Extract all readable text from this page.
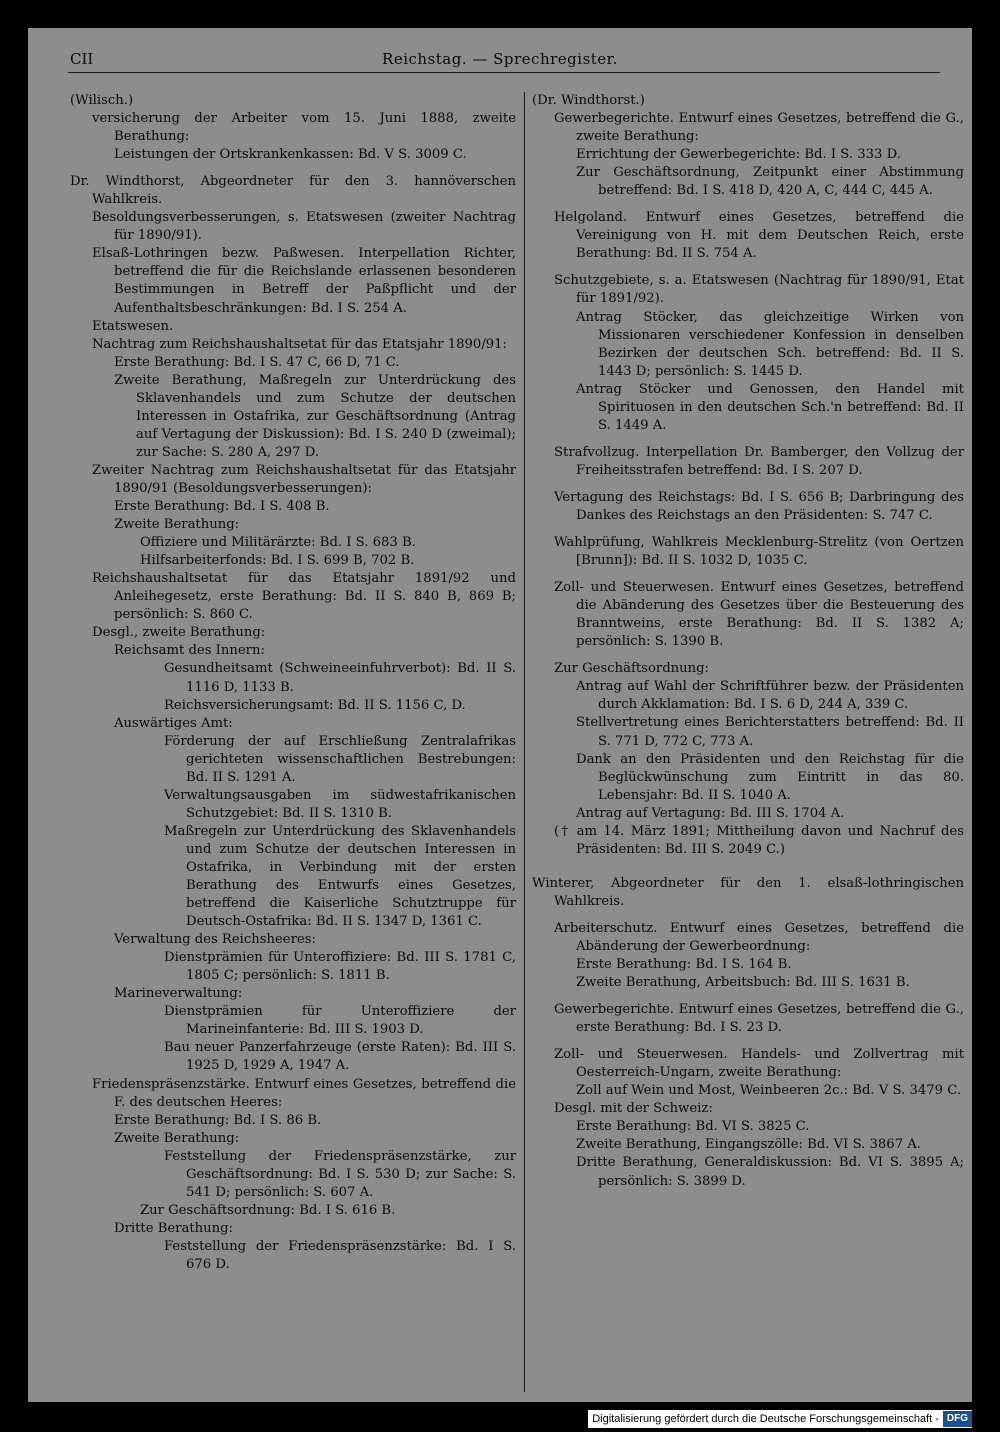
CII	Reichstag. — Sprechregister.

(Wilisch.)

versicherung der Arbeiter vom 15. Juni 1888, zweite Berathung:

Leistungen der Ortskrankenkassen: Bd. V S. 3009 C.

Dr. Windthorst, Abgeordneter für den 3. hannöverschen Wahlkreis.

Besoldungsverbesserungen, s. Etatswesen (zweiter Nachtrag für 1890/91).

Elsaß-Lothringen bezw. Paßwesen. Interpellation Richter, betreffend die für die Reichslande erlassenen besonderen Bestimmungen in Betreff der Paßpflicht und der Aufenthaltsbeschränkungen: Bd. I S. 254 A.

Etatswesen.

Nachtrag zum Reichshaushaltsetat für das Etatsjahr 1890/91:

Erste Berathung: Bd. I S. 47 C, 66 D, 71 C.

Zweite Berathung, Maßregeln zur Unterdrückung des Sklavenhandels und zum Schutze der deutschen Interessen in Ostafrika, zur Geschäftsordnung (Antrag auf Vertagung der Diskussion): Bd. I S. 240 D (zweimal); zur Sache: S. 280 A, 297 D.

Zweiter Nachtrag zum Reichshaushaltsetat für das Etatsjahr 1890/91 (Besoldungsverbesserungen):

Erste Berathung: Bd. I S. 408 B.

Zweite Berathung:

Offiziere und Militärärzte: Bd. I S. 683 B.

Hilfsarbeiterfonds: Bd. I S. 699 B, 702 B.

Reichshaushaltsetat für das Etatsjahr 1891/92 und Anleihegesetz, erste Berathung: Bd. II S. 840 B, 869 B; persönlich: S. 860 C.

Desgl., zweite Berathung:

Reichsamt des Innern:

Gesundheitsamt (Schweineeinfuhrverbot): Bd. II S. 1116 D, 1133 B.

Reichsversicherungsamt: Bd. II S. 1156 C, D.

Auswärtiges Amt:

Förderung der auf Erschließung Zentralafrikas gerichteten wissenschaftlichen Bestrebungen: Bd. II S. 1291 A.

Verwaltungsausgaben im südwestafrikanischen Schutzgebiet: Bd. II S. 1310 B.

Maßregeln zur Unterdrückung des Sklavenhandels und zum Schutze der deutschen Interessen in Ostafrika, in Verbindung mit der ersten Berathung des Entwurfs eines Gesetzes, betreffend die Kaiserliche Schutztruppe für Deutsch-Ostafrika: Bd. II S. 1347 D, 1361 C.

Verwaltung des Reichsheeres:

Dienstprämien für Unteroffiziere: Bd. III S. 1781 C, 1805 C; persönlich: S. 1811 B.

Marineverwaltung:

Dienstprämien für Unteroffiziere der Marineinfanterie: Bd. III S. 1903 D.

Bau neuer Panzerfahrzeuge (erste Raten): Bd. III S. 1925 D, 1929 A, 1947 A.

Friedenspräsenzstärke. Entwurf eines Gesetzes, betreffend die F. des deutschen Heeres:

Erste Berathung: Bd. I S. 86 B.

Zweite Berathung:

Feststellung der Friedenspräsenzstärke, zur Geschäftsordnung: Bd. I S. 530 D; zur Sache: S. 541 D; persönlich: S. 607 A.

Zur Geschäftsordnung: Bd. I S. 616 B.

Dritte Berathung:

Feststellung der Friedenspräsenzstärke: Bd. I S. 676 D.

(Dr. Windthorst.)

Gewerbegerichte. Entwurf eines Gesetzes, betreffend die G., zweite Berathung:

Errichtung der Gewerbegerichte: Bd. I S. 333 D.

Zur Geschäftsordnung, Zeitpunkt einer Abstimmung betreffend: Bd. I S. 418 D, 420 A, C, 444 C, 445 A.

Helgoland. Entwurf eines Gesetzes, betreffend die Vereinigung von H. mit dem Deutschen Reich, erste Berathung: Bd. II S. 754 A.

Schutzgebiete, s. a. Etatswesen (Nachtrag für 1890/91, Etat für 1891/92).

Antrag Stöcker, das gleichzeitige Wirken von Missionaren verschiedener Konfession in denselben Bezirken der deutschen Sch. betreffend: Bd. II S. 1443 D; persönlich: S. 1445 D.

Antrag Stöcker und Genossen, den Handel mit Spirituosen in den deutschen Sch.'n betreffend: Bd. II S. 1449 A.

Strafvollzug. Interpellation Dr. Bamberger, den Vollzug der Freiheitsstrafen betreffend: Bd. I S. 207 D.

Vertagung des Reichstags: Bd. I S. 656 B; Darbringung des Dankes des Reichstags an den Präsidenten: S. 747 C.

Wahlprüfung, Wahlkreis Mecklenburg-Strelitz (von Oertzen [Brunn]): Bd. II S. 1032 D, 1035 C.

Zoll- und Steuerwesen. Entwurf eines Gesetzes, betreffend die Abänderung des Gesetzes über die Besteuerung des Branntweins, erste Berathung: Bd. II S. 1382 A; persönlich: S. 1390 B.

Zur Geschäftsordnung:

Antrag auf Wahl der Schriftführer bezw. der Präsidenten durch Akklamation: Bd. I S. 6 D, 244 A, 339 C.

Stellvertretung eines Berichterstatters betreffend: Bd. II S. 771 D, 772 C, 773 A.

Dank an den Präsidenten und den Reichstag für die Beglückwünschung zum Eintritt in das 80. Lebensjahr: Bd. II S. 1040 A.

Antrag auf Vertagung: Bd. III S. 1704 A.

(† am 14. März 1891; Mittheilung davon und Nachruf des Präsidenten: Bd. III S. 2049 C.)

Winterer, Abgeordneter für den 1. elsaß-lothringischen Wahlkreis.

Arbeiterschutz. Entwurf eines Gesetzes, betreffend die Abänderung der Gewerbeordnung:

Erste Berathung: Bd. I S. 164 B.

Zweite Berathung, Arbeitsbuch: Bd. III S. 1631 B.

Gewerbegerichte. Entwurf eines Gesetzes, betreffend die G., erste Berathung: Bd. I S. 23 D.

Zoll- und Steuerwesen. Handels- und Zollvertrag mit Oesterreich-Ungarn, zweite Berathung:

Zoll auf Wein und Most, Weinbeeren 2c.: Bd. V S. 3479 C.

Desgl. mit der Schweiz:

Erste Berathung: Bd. VI S. 3825 C.

Zweite Berathung, Eingangszölle: Bd. VI S. 3867 A.

Dritte Berathung, Generaldiskussion: Bd. VI S. 3895 A; persönlich: S. 3899 D.

Digitalisierung gefördert durch die Deutsche Forschungsgemeinschaft - DFG
